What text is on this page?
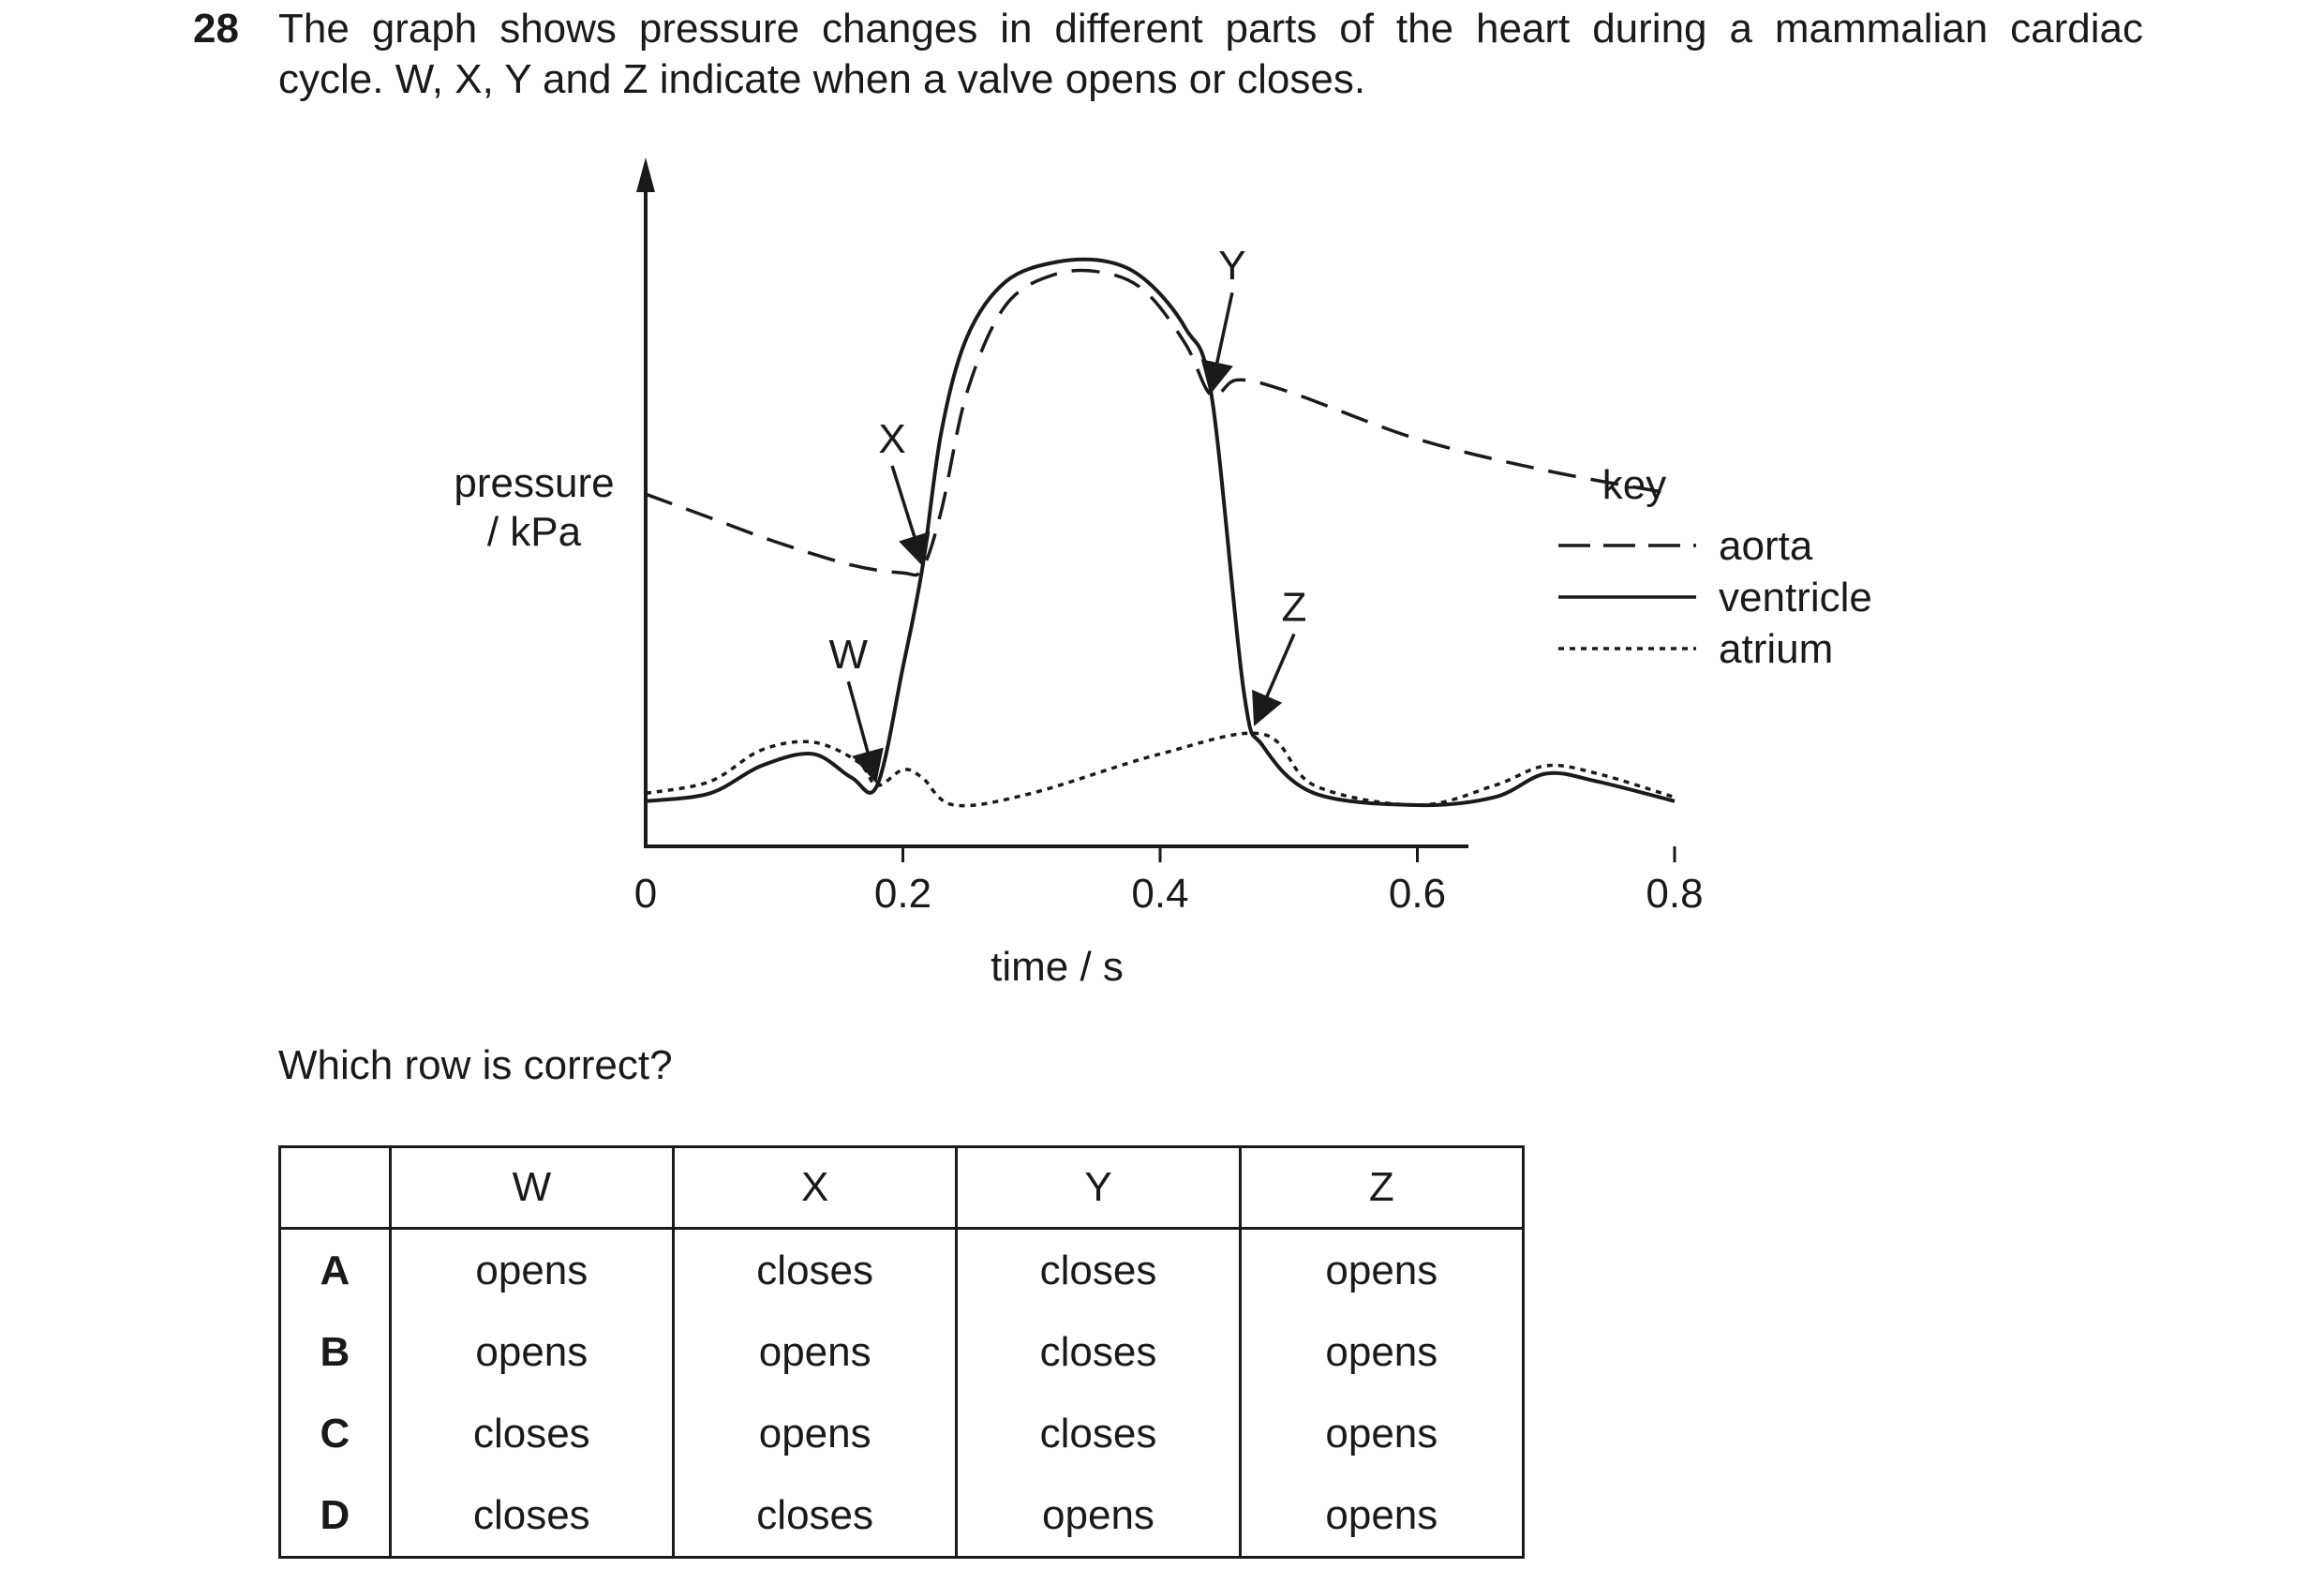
28 The graph shows pressure changes in different parts of the heart during a mammalian cardiac
cycle. W, X, Y and Z indicate when a valve opens or closes.
0	0.2	0.4	0.6	0.8
time / s
pressure
/ kPa
W
X
Y
Z
key
aorta
ventricle
atrium
Which row is correct?
	W	X	Y	Z
A	opens	closes	closes	opens
B	opens	opens	closes	opens
C	closes	opens	closes	opens
D	closes	closes	opens	opens
